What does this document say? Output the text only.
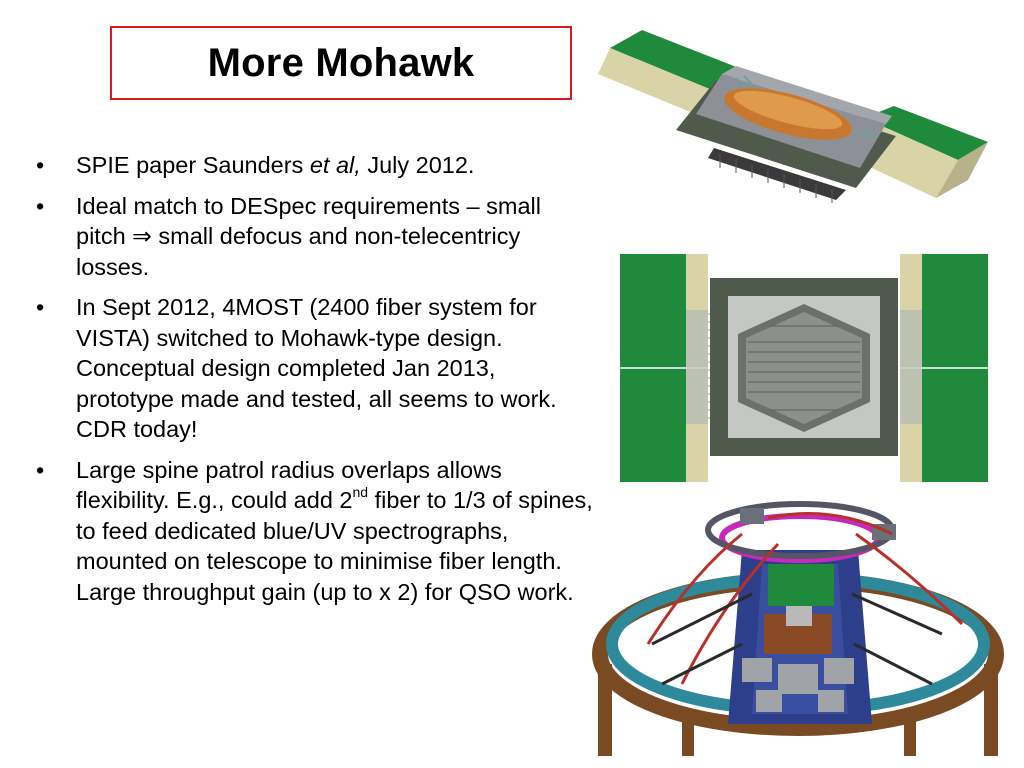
More Mohawk
• SPIE paper Saunders et al, July 2012.
• Ideal match to DESpec requirements – small pitch ⇒ small defocus and non-telecentricy losses.
• In Sept 2012, 4MOST (2400 fiber system for VISTA) switched to Mohawk-type design. Conceptual design completed Jan 2013, prototype made and tested, all seems to work. CDR today!
• Large spine patrol radius overlaps allows flexibility. E.g., could add 2nd fiber to 1/3 of spines, to feed dedicated blue/UV spectrographs, mounted on telescope to minimise fiber length. Large throughput gain (up to x 2) for QSO work.
